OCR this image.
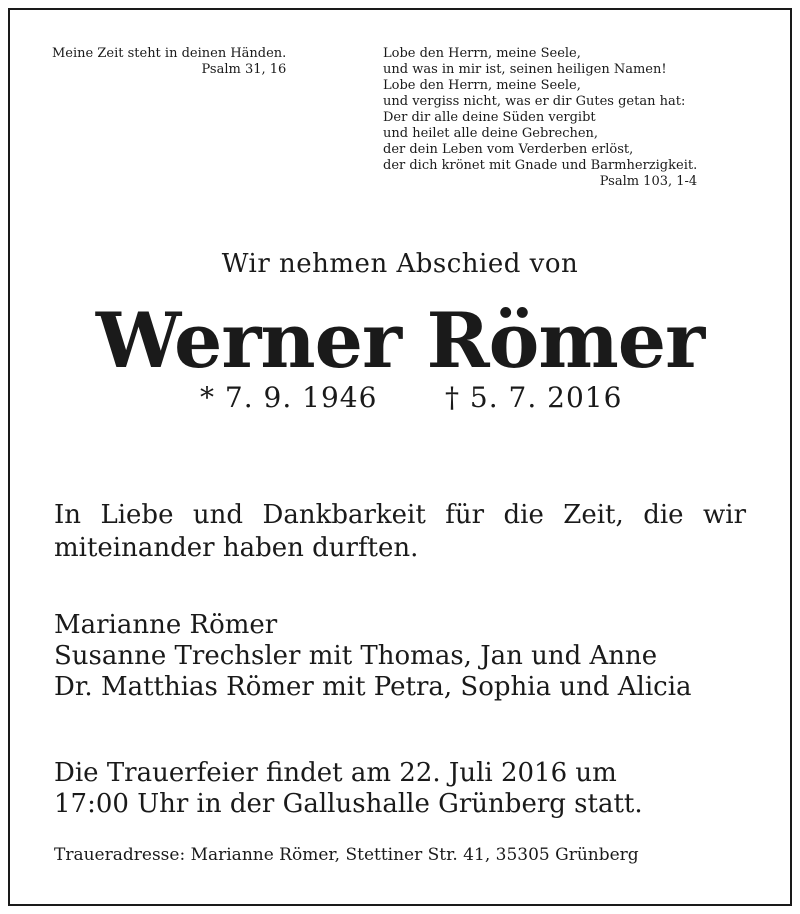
Meine Zeit steht in deinen Händen.
Psalm 31, 16
Lobe den Herrn, meine Seele,
und was in mir ist, seinen heiligen Namen!
Lobe den Herrn, meine Seele,
und vergiss nicht, was er dir Gutes getan hat:
Der dir alle deine Süden vergibt
und heilet alle deine Gebrechen,
der dein Leben vom Verderben erlöst,
der dich krönet mit Gnade und Barmherzigkeit.
Psalm 103, 1-4
Wir nehmen Abschied von
Werner Römer
* 7. 9. 1946 † 5. 7. 2016
In Liebe und Dankbarkeit für die Zeit, die wir miteinander haben durften.
Marianne Römer
Susanne Trechsler mit Thomas, Jan und Anne
Dr. Matthias Römer mit Petra, Sophia und Alicia
Die Trauerfeier findet am 22. Juli 2016 um
17:00 Uhr in der Gallushalle Grünberg statt.
Traueradresse: Marianne Römer, Stettiner Str. 41, 35305 Grünberg
